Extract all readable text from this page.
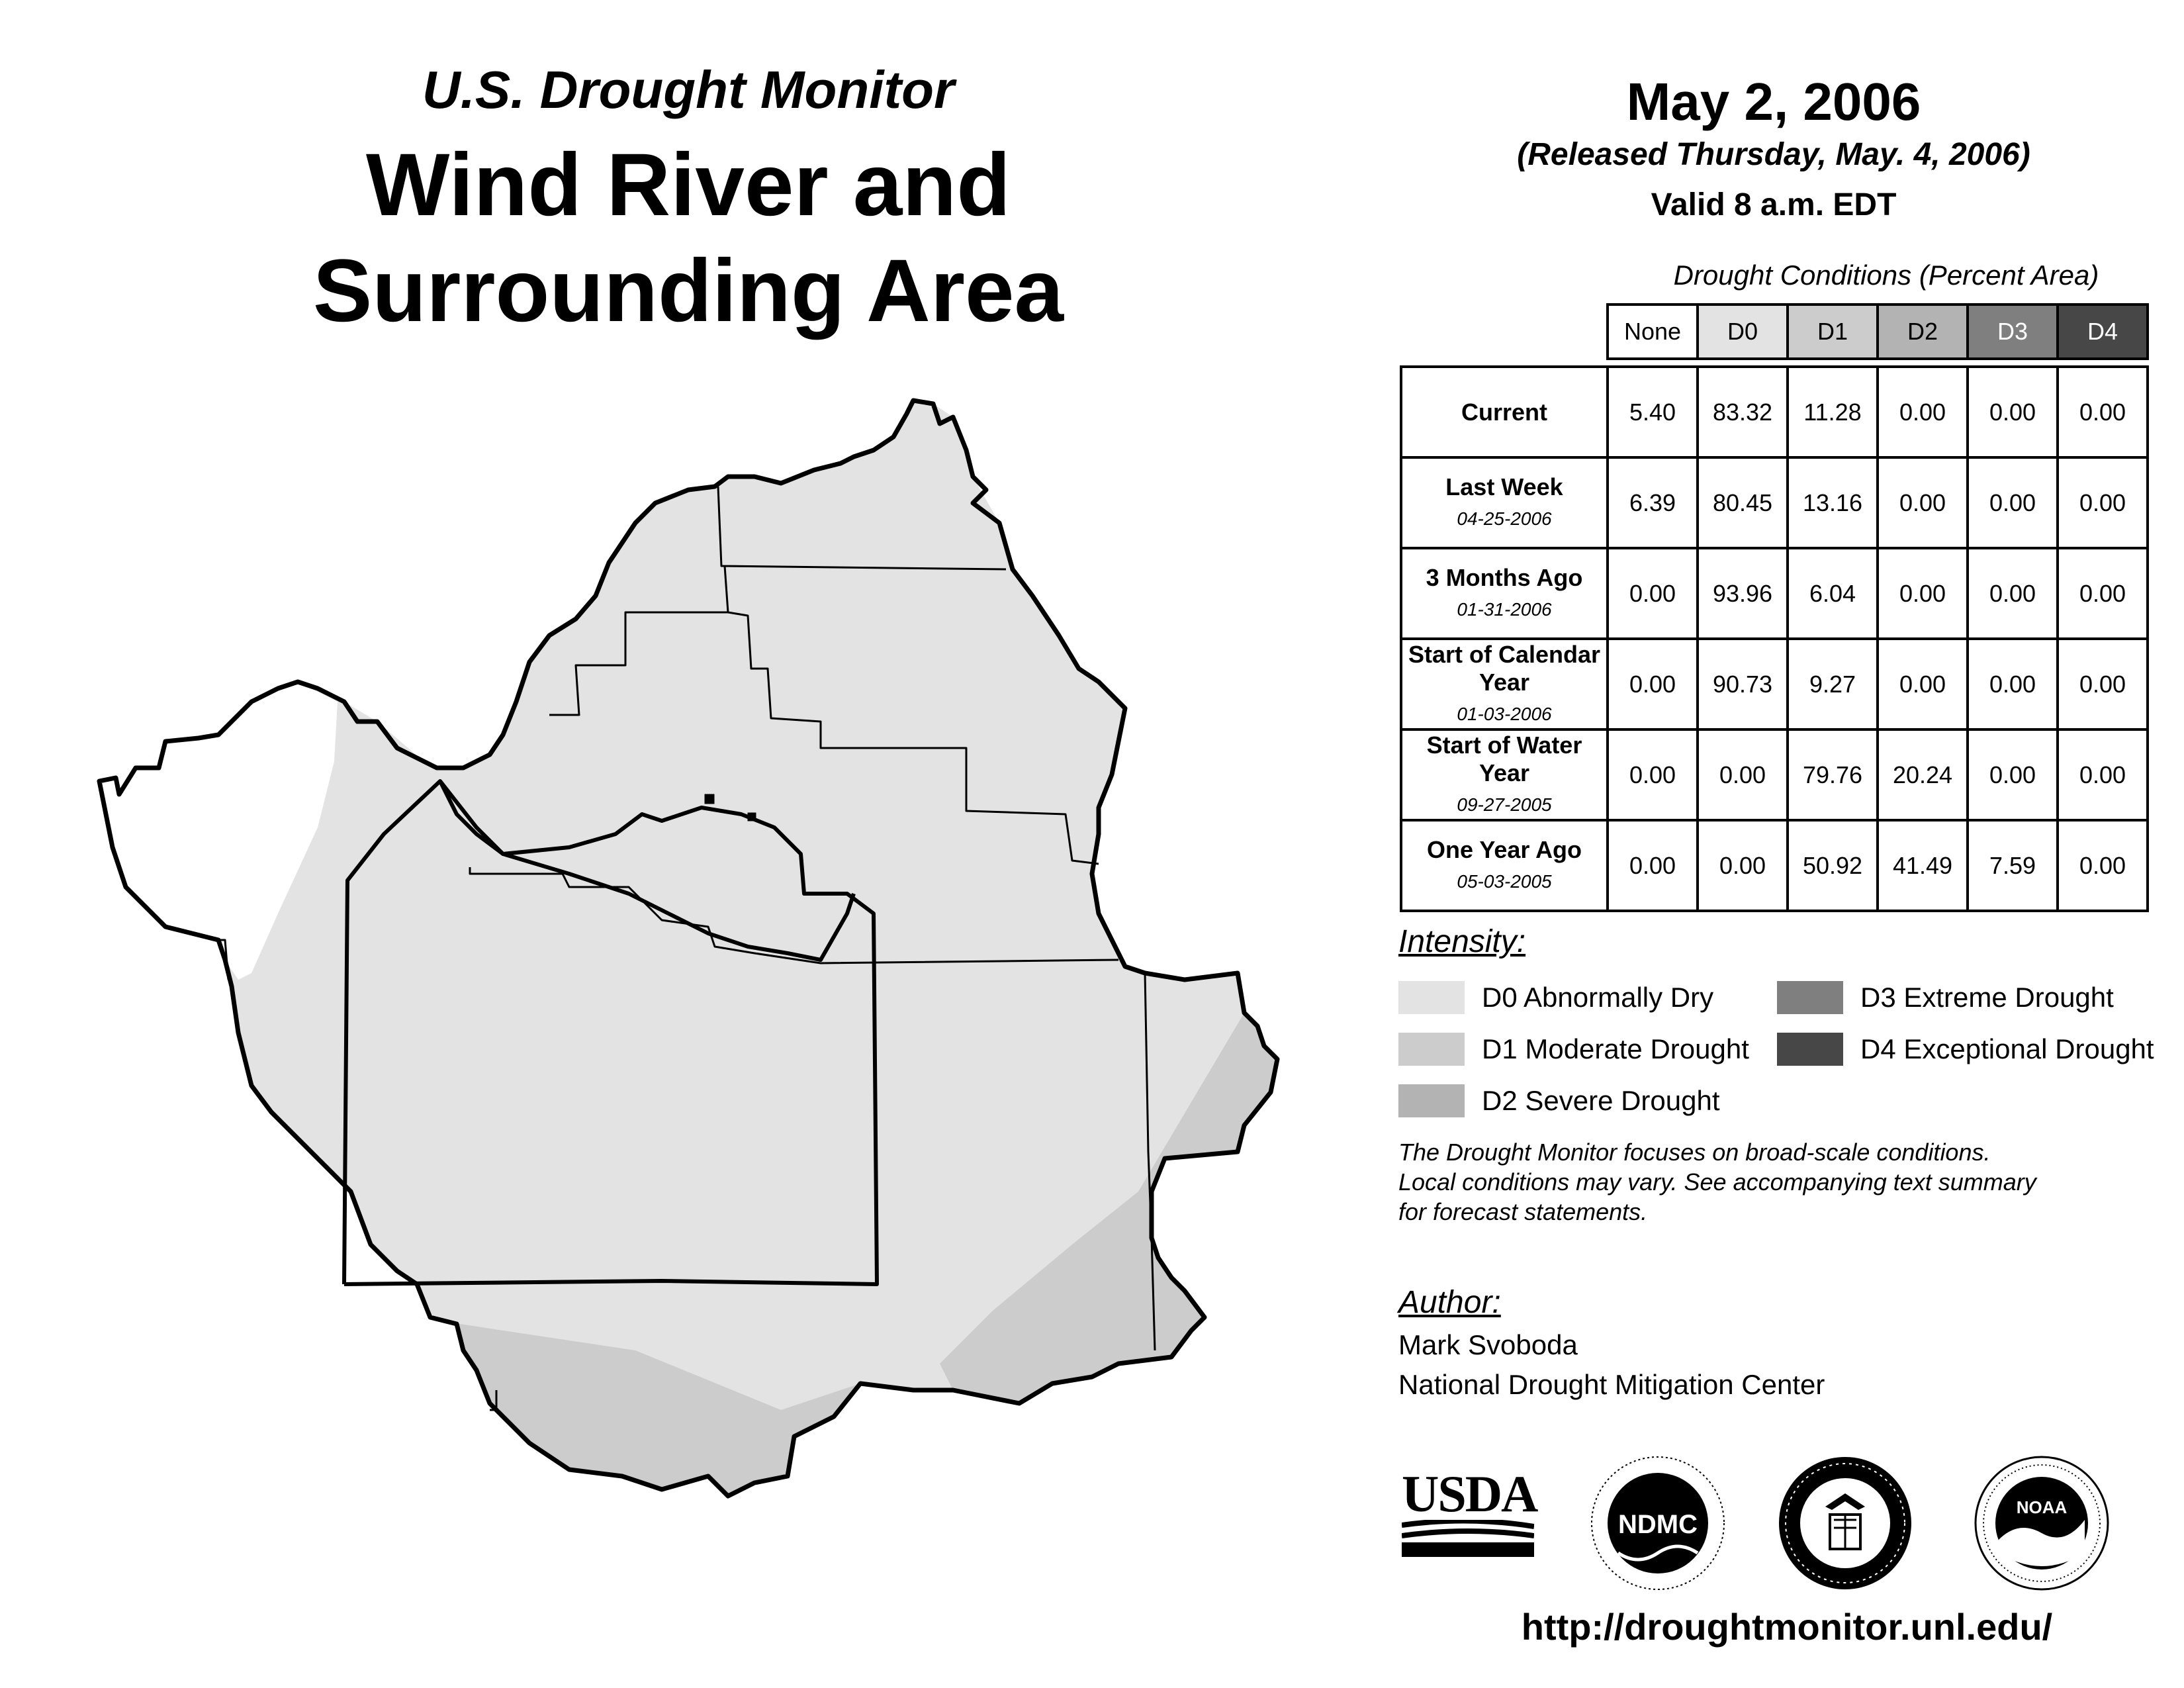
U.S. Drought Monitor
Wind River and
Surrounding Area
May 2, 2006
(Released Thursday, May. 4, 2006)
Valid 8 a.m. EDT
Drought Conditions (Percent Area)
	None	D0	D1	D2	D3	D4

Current	5.40	83.32	11.28	0.00	0.00	0.00
Last Week
04-25-2006	6.39	80.45	13.16	0.00	0.00	0.00
3 Months Ago
01-31-2006	0.00	93.96	6.04	0.00	0.00	0.00
Start of Calendar Year
01-03-2006	0.00	90.73	9.27	0.00	0.00	0.00
Start of Water Year
09-27-2005	0.00	0.00	79.76	20.24	0.00	0.00
One Year Ago
05-03-2005	0.00	0.00	50.92	41.49	7.59	0.00
Intensity:
D0 Abnormally Dry
D1 Moderate Drought
D2 Severe Drought
D3 Extreme Drought
D4 Exceptional Drought
The Drought Monitor focuses on broad-scale conditions.
Local conditions may vary. See accompanying text summary
for forecast statements.
Author:
Mark Svoboda
National Drought Mitigation Center
USDA
NDMC
NOAA
http://droughtmonitor.unl.edu/
